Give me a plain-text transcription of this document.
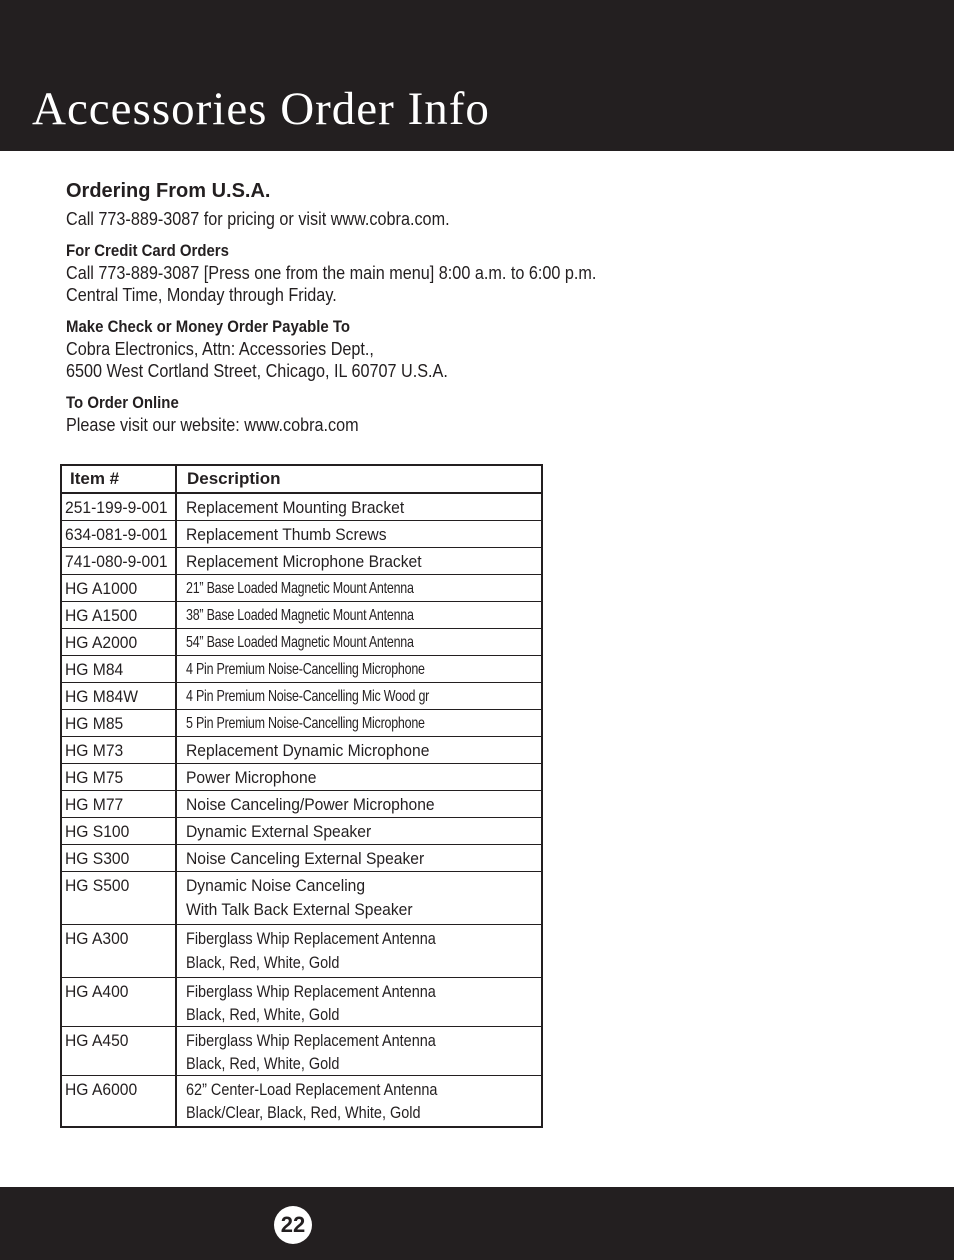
Accessories Order Info
Ordering From U.S.A.

Call 773-889-3087 for pricing or visit www.cobra.com.

For Credit Card Orders

Call 773-889-3087 [Press one from the main menu] 8:00 a.m. to 6:00 p.m.

Central Time, Monday through Friday.

Make Check or Money Order Payable To

Cobra Electronics, Attn: Accessories Dept.,

6500 West Cortland Street, Chicago, IL 60707 U.S.A.

To Order Online

Please visit our website: www.cobra.com

Item #	Description
251-199-9-001 Replacement Mounting Bracket
634-081-9-001 Replacement Thumb Screws
741-080-9-001 Replacement Microphone Bracket
HG A1000	21” Base Loaded Magnetic Mount Antenna
HG A1500	38” Base Loaded Magnetic Mount Antenna
HG A2000	54” Base Loaded Magnetic Mount Antenna
HG M84	4 Pin Premium Noise-Cancelling Microphone
HG M84W	4 Pin Premium Noise-Cancelling Mic Wood gr
HG M85	5 Pin Premium Noise-Cancelling Microphone
HG M73	Replacement Dynamic Microphone
HG M75	Power Microphone
HG M77	Noise Canceling/Power Microphone
HG S100	Dynamic External Speaker
HG S300	Noise Canceling External Speaker
HG S500	Dynamic Noise Canceling
With Talk Back External Speaker
HG A300	Fiberglass Whip Replacement Antenna
Black, Red, White, Gold
HG A400	Fiberglass Whip Replacement Antenna
Black, Red, White, Gold
HG A450	Fiberglass Whip Replacement Antenna
Black, Red, White, Gold
HG A6000	62” Center-Load Replacement Antenna
Black/Clear, Black, Red, White, Gold
22
